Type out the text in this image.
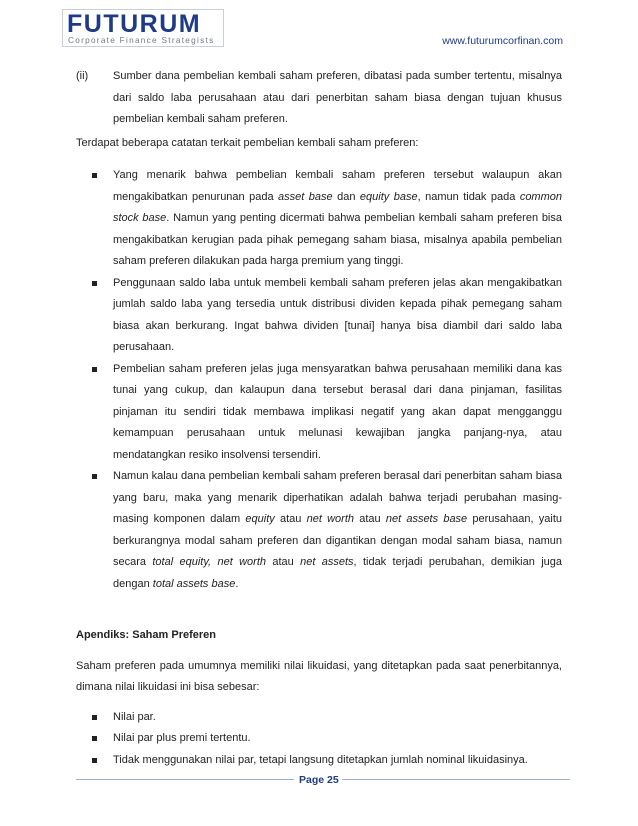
FUTURUM
Corporate Finance Strategists	www.futurumcorfinan.com
(ii) Sumber dana pembelian kembali saham preferen, dibatasi pada sumber tertentu, misalnya dari saldo laba perusahaan atau dari penerbitan saham biasa dengan tujuan khusus pembelian kembali saham preferen.

Terdapat beberapa catatan terkait pembelian kembali saham preferen:

Yang menarik bahwa pembelian kembali saham preferen tersebut walaupun akan mengakibatkan penurunan pada asset base dan equity base, namun tidak pada common stock base. Namun yang penting dicermati bahwa pembelian kembali saham preferen bisa mengakibatkan kerugian pada pihak pemegang saham biasa, misalnya apabila pembelian saham preferen dilakukan pada harga premium yang tinggi.
Penggunaan saldo laba untuk membeli kembali saham preferen jelas akan mengakibatkan jumlah saldo laba yang tersedia untuk distribusi dividen kepada pihak pemegang saham biasa akan berkurang. Ingat bahwa dividen [tunai] hanya bisa diambil dari saldo laba perusahaan.
Pembelian saham preferen jelas juga mensyaratkan bahwa perusahaan memiliki dana kas tunai yang cukup, dan kalaupun dana tersebut berasal dari dana pinjaman, fasilitas pinjaman itu sendiri tidak membawa implikasi negatif yang akan dapat mengganggu kemampuan perusahaan untuk melunasi kewajiban jangka panjang-nya, atau mendatangkan resiko insolvensi tersendiri.
Namun kalau dana pembelian kembali saham preferen berasal dari penerbitan saham biasa yang baru, maka yang menarik diperhatikan adalah bahwa terjadi perubahan masing-masing komponen dalam equity atau net worth atau net assets base perusahaan, yaitu berkurangnya modal saham preferen dan digantikan dengan modal saham biasa, namun secara total equity, net worth atau net assets, tidak terjadi perubahan, demikian juga dengan total assets base.
Apendiks: Saham Preferen

Saham preferen pada umumnya memiliki nilai likuidasi, yang ditetapkan pada saat penerbitannya, dimana nilai likuidasi ini bisa sebesar:

Nilai par.
Nilai par plus premi tertentu.
Tidak menggunakan nilai par, tetapi langsung ditetapkan jumlah nominal likuidasinya.
Page 25
